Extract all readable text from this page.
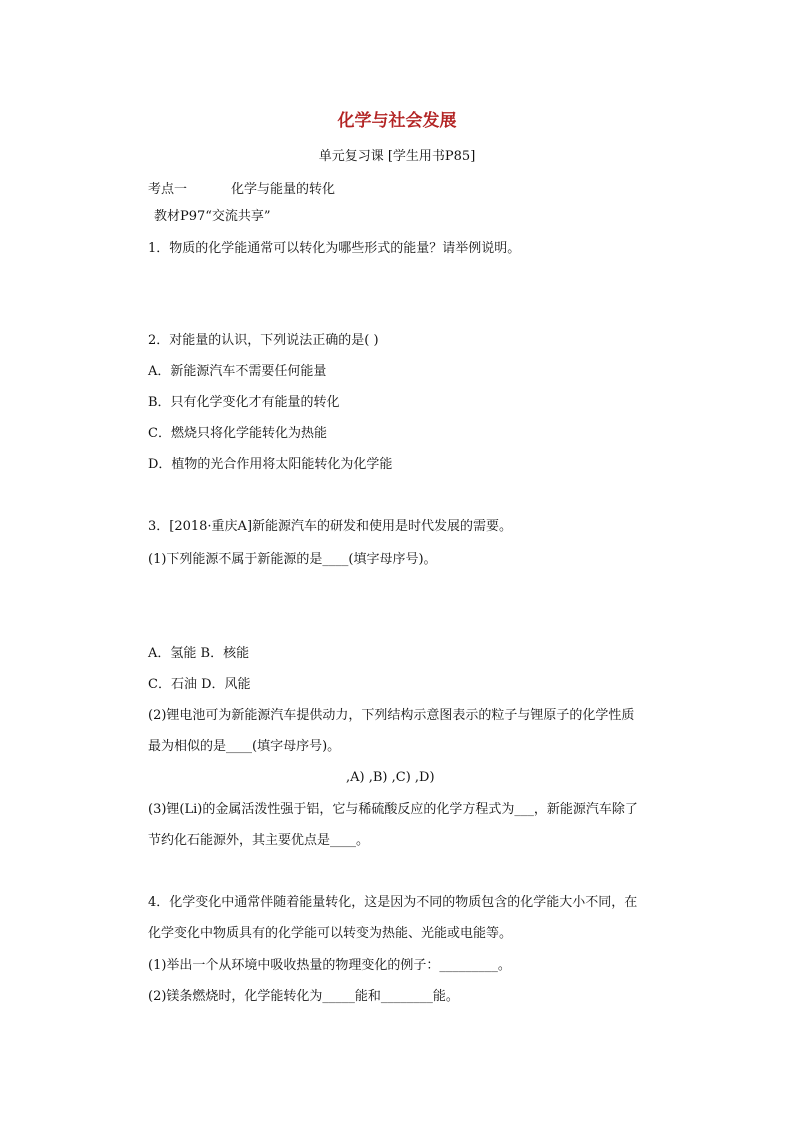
化学与社会发展
单元复习课 [学生用书P85]
考点一	化学与能量的转化
教材P97“交流共享”
1．物质的化学能通常可以转化为哪些形式的能量？请举例说明。
2．对能量的认识，下列说法正确的是( )
A．新能源汽车不需要任何能量
B．只有化学变化才有能量的转化
C．燃烧只将化学能转化为热能
D．植物的光合作用将太阳能转化为化学能
3．[2018·重庆A]新能源汽车的研发和使用是时代发展的需要。
(1)下列能源不属于新能源的是____(填字母序号)。
A．氢能 B．核能
C．石油 D．风能
(2)锂电池可为新能源汽车提供动力，下列结构示意图表示的粒子与锂原子的化学性质
最为相似的是____(填字母序号)。
,A) ,B) ,C) ,D)
(3)锂(Li)的金属活泼性强于铝，它与稀硫酸反应的化学方程式为___，新能源汽车除了
节约化石能源外，其主要优点是____。
4．化学变化中通常伴随着能量转化，这是因为不同的物质包含的化学能大小不同，在
化学变化中物质具有的化学能可以转变为热能、光能或电能等。
(1)举出一个从环境中吸收热量的物理变化的例子：_________。
(2)镁条燃烧时，化学能转化为_____能和________能。
